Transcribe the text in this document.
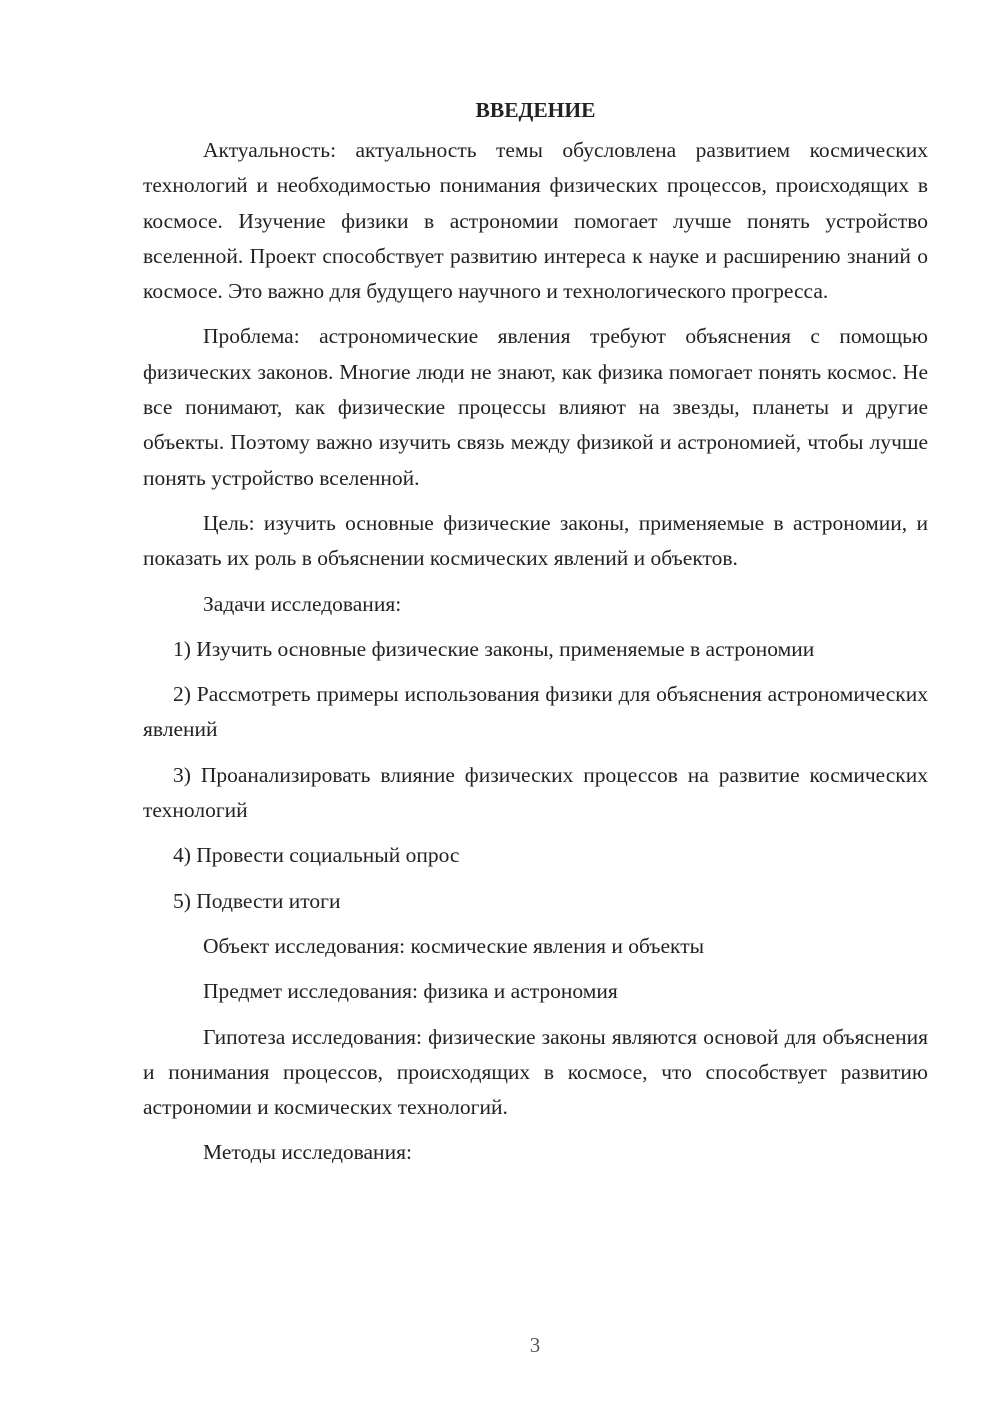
ВВЕДЕНИЕ

Актуальность: актуальность темы обусловлена развитием космических технологий и необходимостью понимания физических процессов, происходящих в космосе. Изучение физики в астрономии помогает лучше понять устройство вселенной. Проект способствует развитию интереса к науке и расширению знаний о космосе. Это важно для будущего научного и технологического прогресса.

Проблема: астрономические явления требуют объяснения с помощью физических законов. Многие люди не знают, как физика помогает понять космос. Не все понимают, как физические процессы влияют на звезды, планеты и другие объекты. Поэтому важно изучить связь между физикой и астрономией, чтобы лучше понять устройство вселенной.

Цель: изучить основные физические законы, применяемые в астрономии, и показать их роль в объяснении космических явлений и объектов.

Задачи исследования:

1) Изучить основные физические законы, применяемые в астрономии

2) Рассмотреть примеры использования физики для объяснения астрономических явлений

3) Проанализировать влияние физических процессов на развитие космических технологий

4) Провести социальный опрос

5) Подвести итоги

Объект исследования: космические явления и объекты

Предмет исследования: физика и астрономия

Гипотеза исследования: физические законы являются основой для объяснения и понимания процессов, происходящих в космосе, что способствует развитию астрономии и космических технологий.

Методы исследования:

3
